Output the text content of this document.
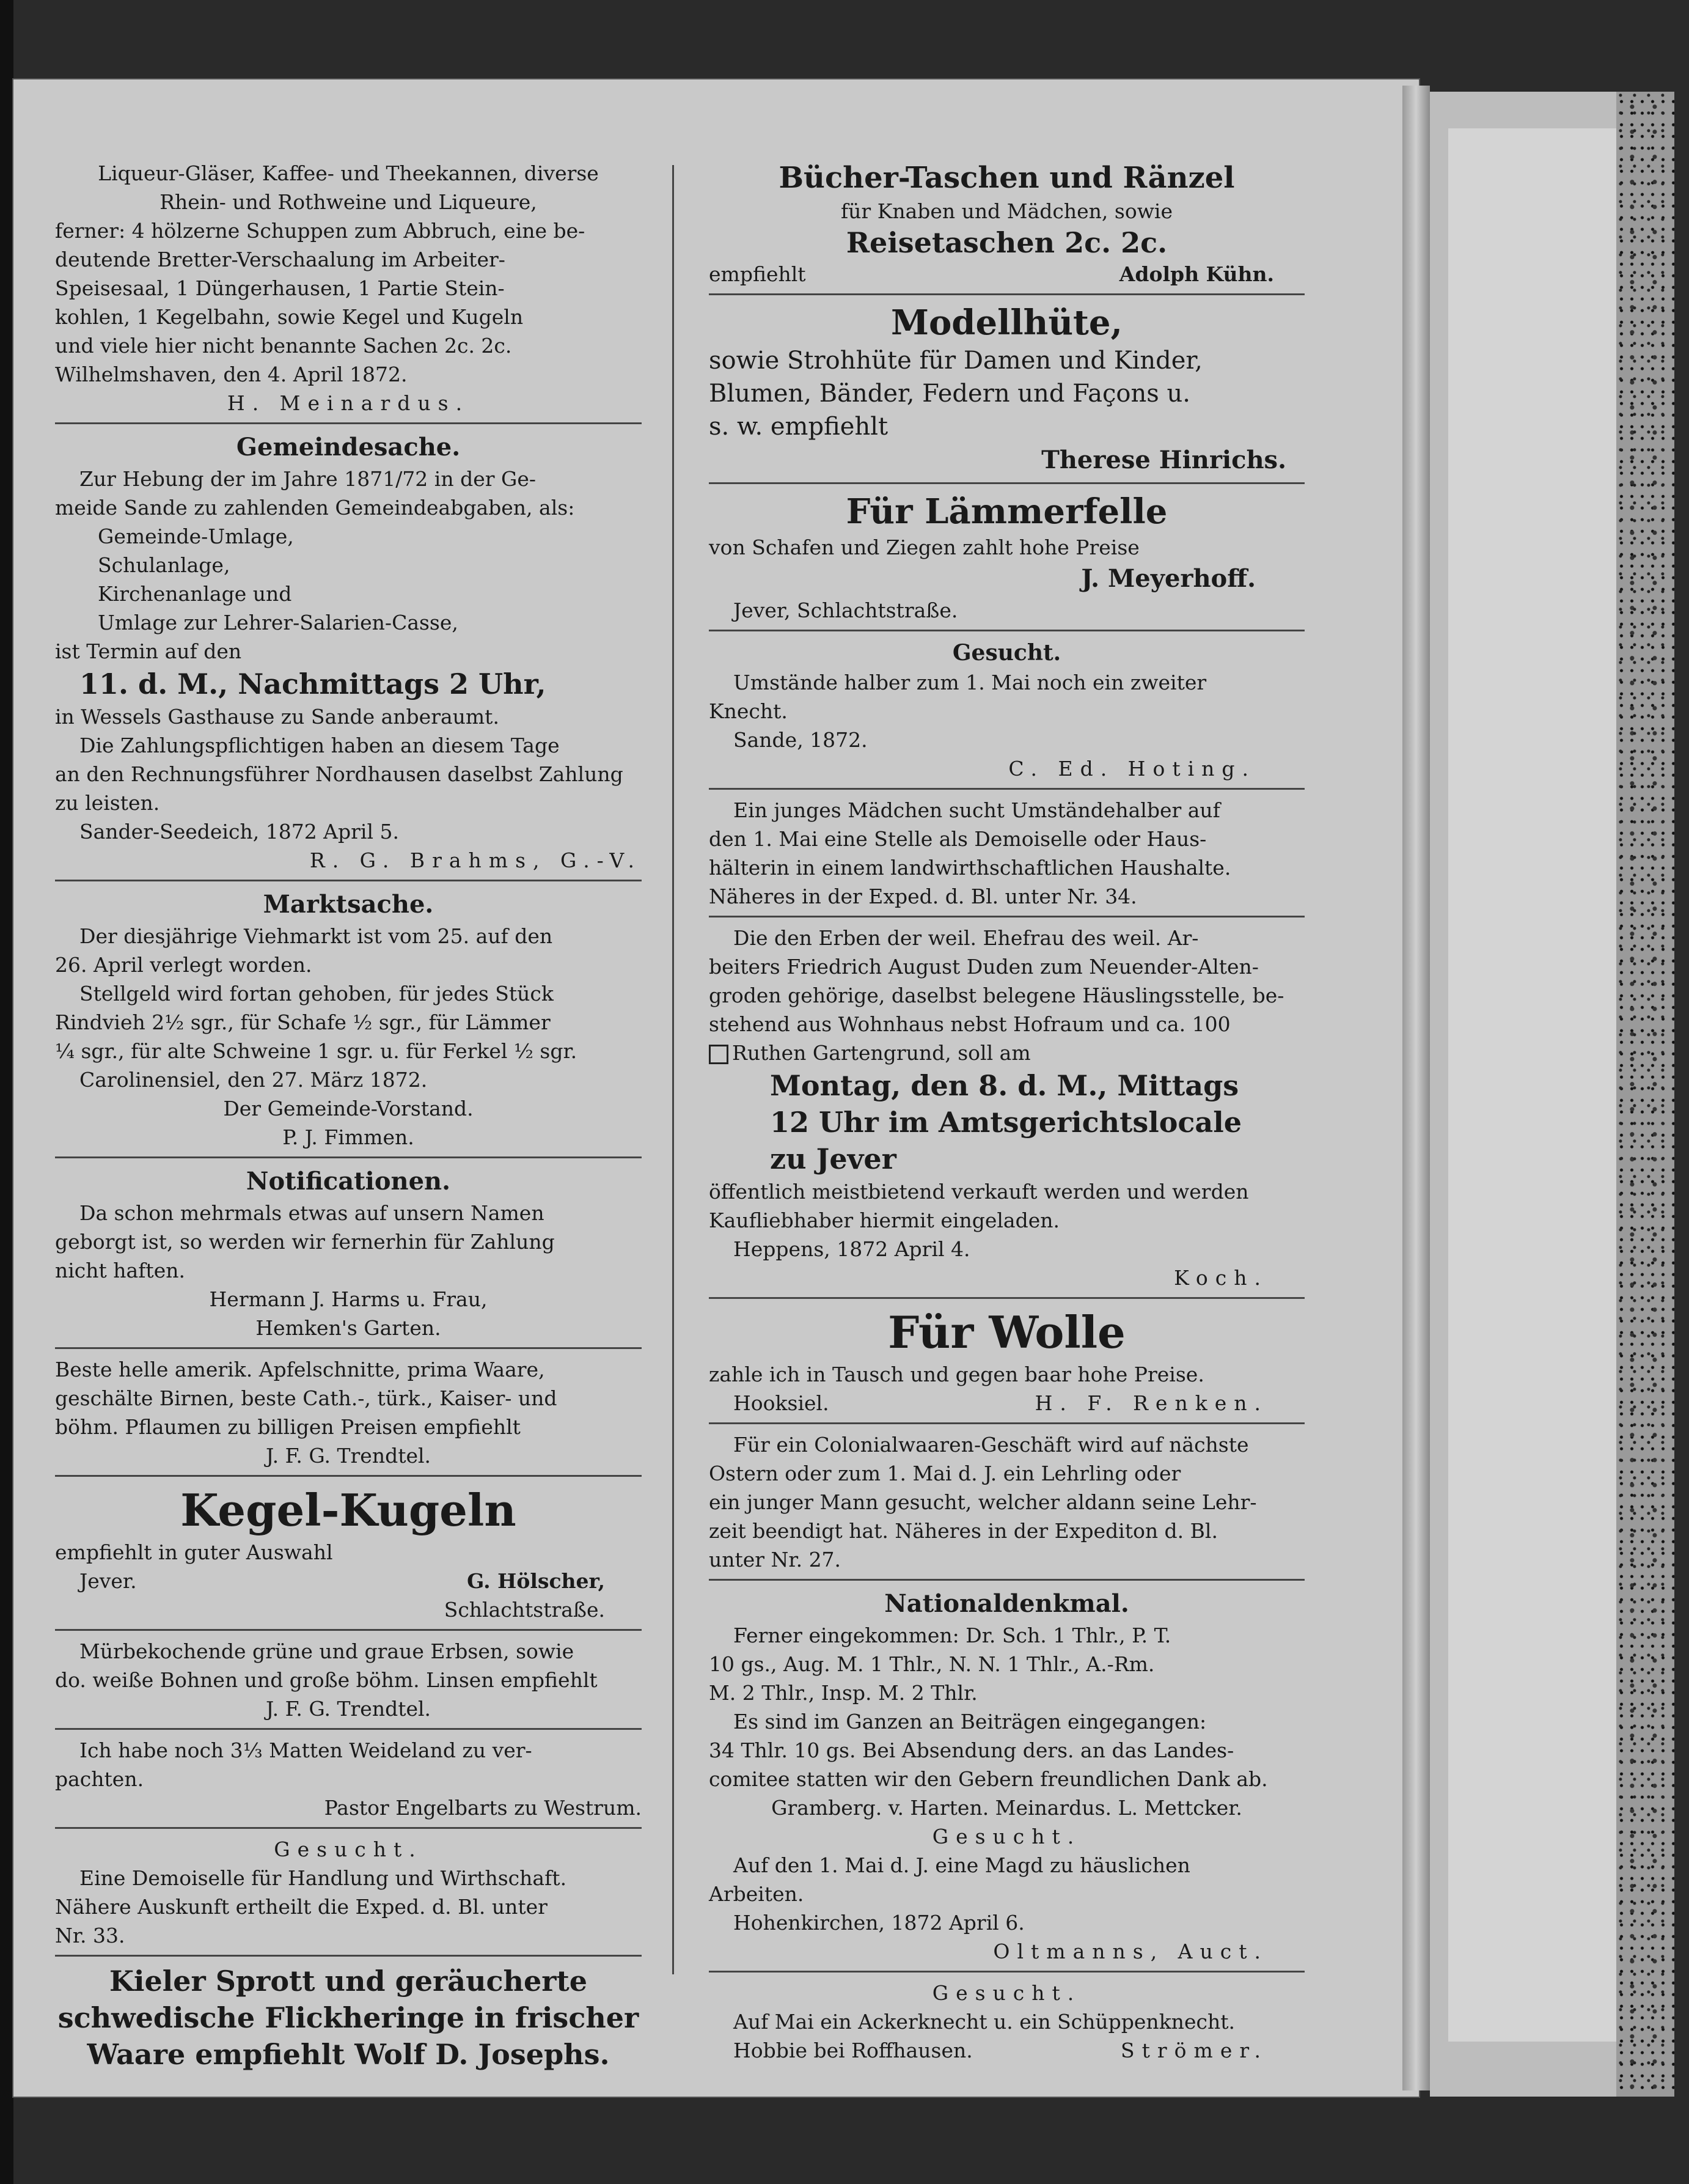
Liqueur-Gläser, Kaffee- und Theekannen, diverse

Rhein- und Rothweine und Liqueure,

ferner: 4 hölzerne Schuppen zum Abbruch, eine be-

deutende Bretter-Verschaalung im Arbeiter-

Speisesaal, 1 Düngerhausen, 1 Partie Stein-

kohlen, 1 Kegelbahn, sowie Kegel und Kugeln

und viele hier nicht benannte Sachen 2c. 2c.

Wilhelmshaven, den 4. April 1872.

H. Meinardus.

Gemeindesache.

Zur Hebung der im Jahre 1871/72 in der Ge-

meide Sande zu zahlenden Gemeindeabgaben, als:

Gemeinde-Umlage,

Schulanlage,

Kirchenanlage und

Umlage zur Lehrer-Salarien-Casse,

ist Termin auf den

11. d. M., Nachmittags 2 Uhr,

in Wessels Gasthause zu Sande anberaumt.

Die Zahlungspflichtigen haben an diesem Tage

an den Rechnungsführer Nordhausen daselbst Zahlung

zu leisten.

Sander-Seedeich, 1872 April 5.

R. G. Brahms, G.-V.

Marktsache.

Der diesjährige Viehmarkt ist vom 25. auf den

26. April verlegt worden.

Stellgeld wird fortan gehoben, für jedes Stück

Rindvieh 2½ sgr., für Schafe ½ sgr., für Lämmer

¼ sgr., für alte Schweine 1 sgr. u. für Ferkel ½ sgr.

Carolinensiel, den 27. März 1872.

Der Gemeinde-Vorstand.

P. J. Fimmen.

Notificationen.

Da schon mehrmals etwas auf unsern Namen

geborgt ist, so werden wir fernerhin für Zahlung

nicht haften.

Hermann J. Harms u. Frau,

Hemken's Garten.

Beste helle amerik. Apfelschnitte, prima Waare,

geschälte Birnen, beste Cath.-, türk., Kaiser- und

böhm. Pflaumen zu billigen Preisen empfiehlt

J. F. G. Trendtel.

Kegel-Kugeln

empfiehlt in guter Auswahl

Jever.	G. Hölscher,

Schlachtstraße.

Mürbekochende grüne und graue Erbsen, sowie

do. weiße Bohnen und große böhm. Linsen empfiehlt

J. F. G. Trendtel.

Ich habe noch 3⅓ Matten Weideland zu ver-

pachten.

Pastor Engelbarts zu Westrum.

Gesucht.

Eine Demoiselle für Handlung und Wirthschaft.

Nähere Auskunft ertheilt die Exped. d. Bl. unter

Nr. 33.

Kieler Sprott und geräucherte
schwedische Flickheringe in frischer
Waare empfiehlt Wolf D. Josephs.
Bücher-Taschen und Ränzel

für Knaben und Mädchen, sowie

Reisetaschen 2c. 2c.
empfiehlt	Adolph Kühn.
Modellhüte,

sowie Strohhüte für Damen und Kinder,

Blumen, Bänder, Federn und Façons u.

s. w. empfiehlt

Therese Hinrichs.
Für Lämmerfelle

von Schafen und Ziegen zahlt hohe Preise

J. Meyerhoff.

Jever, Schlachtstraße.

Gesucht.

Umstände halber zum 1. Mai noch ein zweiter

Knecht.

Sande, 1872.

C. Ed. Hoting.

Ein junges Mädchen sucht Umständehalber auf

den 1. Mai eine Stelle als Demoiselle oder Haus-

hälterin in einem landwirthschaftlichen Haushalte.

Näheres in der Exped. d. Bl. unter Nr. 34.

Die den Erben der weil. Ehefrau des weil. Ar-

beiters Friedrich August Duden zum Neuender-Alten-

groden gehörige, daselbst belegene Häuslingsstelle, be-

stehend aus Wohnhaus nebst Hofraum und ca. 100

Ruthen Gartengrund, soll am

Montag, den 8. d. M., Mittags
12 Uhr im Amtsgerichtslocale
zu Jever

öffentlich meistbietend verkauft werden und werden

Kaufliebhaber hiermit eingeladen.

Heppens, 1872 April 4.

Koch.

Für Wolle

zahle ich in Tausch und gegen baar hohe Preise.

Hooksiel.	H. F. Renken.

Für ein Colonialwaaren-Geschäft wird auf nächste

Ostern oder zum 1. Mai d. J. ein Lehrling oder

ein junger Mann gesucht, welcher aldann seine Lehr-

zeit beendigt hat. Näheres in der Expediton d. Bl.

unter Nr. 27.

Nationaldenkmal.

Ferner eingekommen: Dr. Sch. 1 Thlr., P. T.

10 gs., Aug. M. 1 Thlr., N. N. 1 Thlr., A.-Rm.

M. 2 Thlr., Insp. M. 2 Thlr.

Es sind im Ganzen an Beiträgen eingegangen:

34 Thlr. 10 gs. Bei Absendung ders. an das Landes-

comitee statten wir den Gebern freundlichen Dank ab.

Gramberg. v. Harten. Meinardus. L. Mettcker.

Gesucht.

Auf den 1. Mai d. J. eine Magd zu häuslichen

Arbeiten.

Hohenkirchen, 1872 April 6.

Oltmanns, Auct.

Gesucht.

Auf Mai ein Ackerknecht u. ein Schüppenknecht.

Hobbie bei Roffhausen.	Strömer.
